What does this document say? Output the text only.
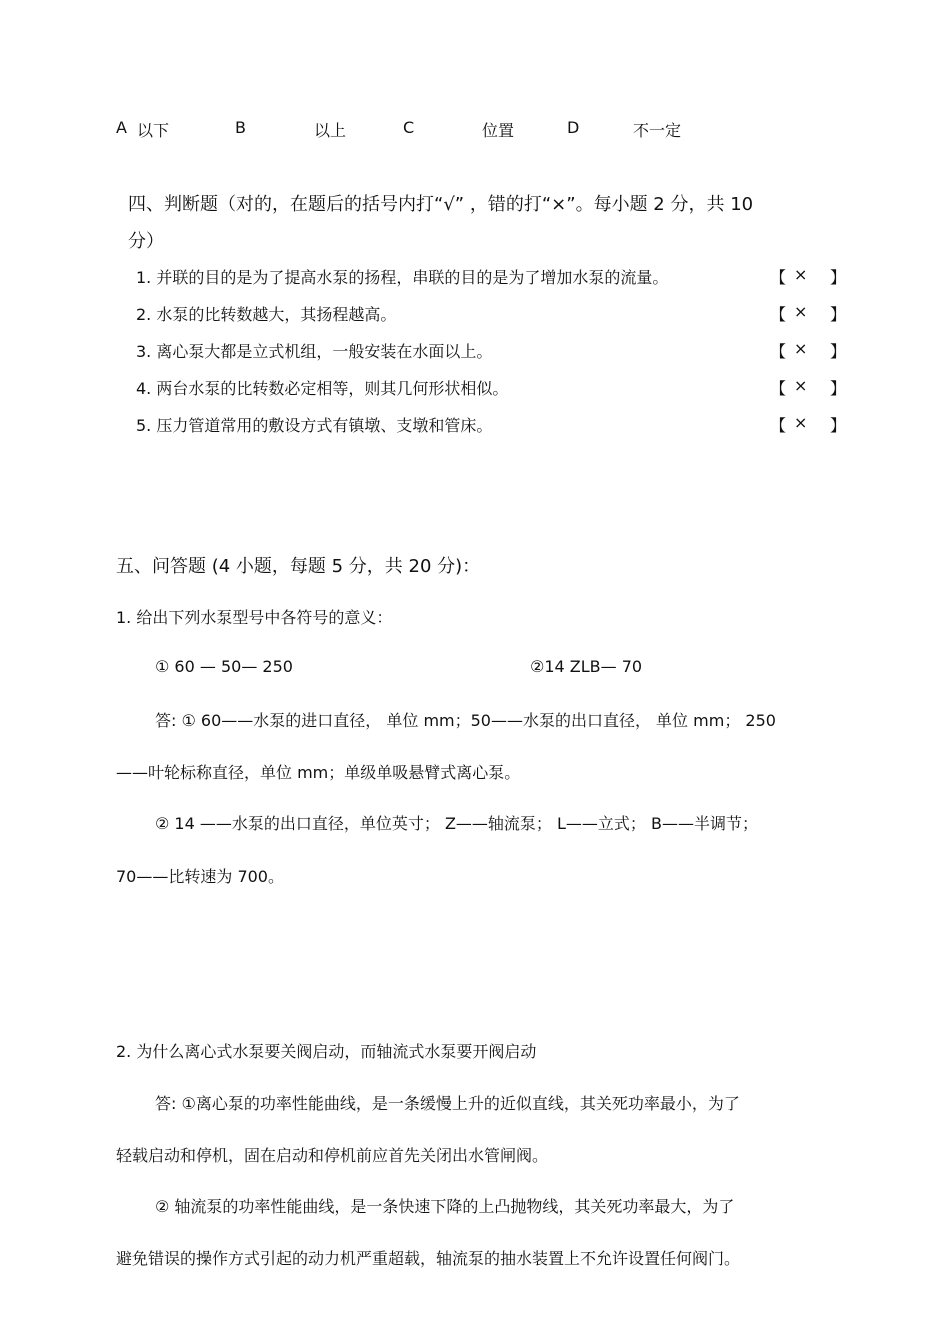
A 以下	B	以上	C	位置	D	不一定
四、判断题（对的，在题后的括号内打“√” ，错的打“×”。每小题 2 分，共 10
分）
1. 并联的目的是为了提高水泵的扬程，串联的目的是为了增加水泵的流量。	【 × 】
2. 水泵的比转数越大，其扬程越高。	【 × 】
3. 离心泵大都是立式机组，一般安装在水面以上。	【 × 】
4. 两台水泵的比转数必定相等，则其几何形状相似。	【 × 】
5. 压力管道常用的敷设方式有镇墩、支墩和管床。	【 × 】
五、问答题 (4 小题，每题 5 分，共 20 分)：
1. 给出下列水泵型号中各符号的意义：
① 60 — 50— 250	②14 ZLB— 70
答: ① 60——水泵的进口直径， 单位 mm；50——水泵的出口直径， 单位 mm； 250
——叶轮标称直径，单位 mm；单级单吸悬臂式离心泵。
② 14 ——水泵的出口直径，单位英寸； Z——轴流泵； L——立式； B——半调节；
70——比转速为 700。
2. 为什么离心式水泵要关阀启动，而轴流式水泵要开阀启动
答: ①离心泵的功率性能曲线，是一条缓慢上升的近似直线，其关死功率最小，为了
轻载启动和停机，固在启动和停机前应首先关闭出水管闸阀。
② 轴流泵的功率性能曲线，是一条快速下降的上凸抛物线，其关死功率最大，为了
避免错误的操作方式引起的动力机严重超载，轴流泵的抽水装置上不允许设置任何阀门。
